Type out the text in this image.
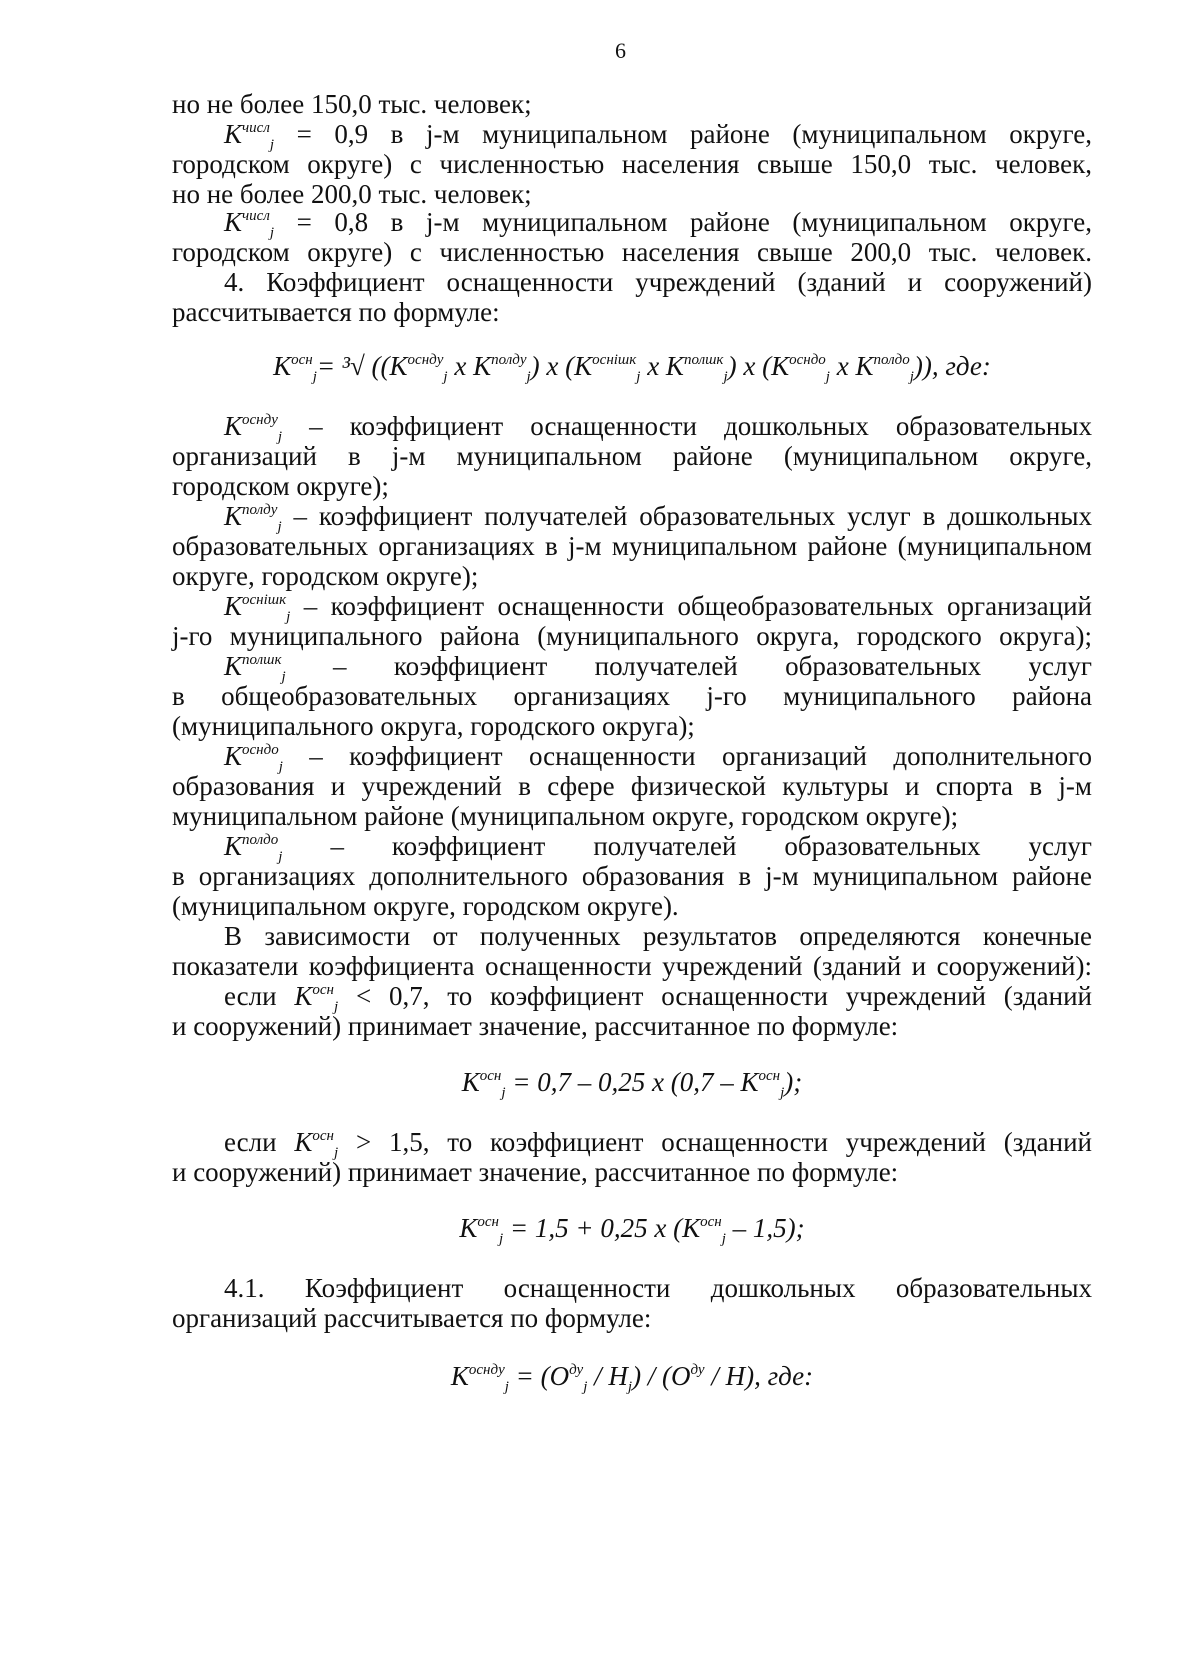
6
но не более 150,0 тыс. человек;
$K^{числ}_j = 0,9$ в j-м муниципальном районе (муниципальном округе,
городском округе) с численностью населения свыше 150,0 тыс. человек,
но не более 200,0 тыс. человек;
$K^{числ}_j = 0,8$ в j-м муниципальном районе (муниципальном округе,
городском округе) с численностью населения свыше 200,0 тыс. человек.
4. Коэффициент оснащенности учреждений (зданий и сооружений)
рассчитывается по формуле:
$K^{осн}_j= ^3√$ (($K^{осндy}_j$ x $K^{полдy}_j$) x ($K^{оснiшк}_j$ x $K^{полшк}_j$) x ($K^{осндо}_j$ x $K^{полдо}_j$)), где:
$K^{осндy}_j$ – коэффициент оснащенности дошкольных образовательных
организаций в j-м муниципальном районе (муниципальном округе,
городском округе);
$K^{полдy}_j$ – коэффициент получателей образовательных услуг в дошкольных
образовательных организациях в j-м муниципальном районе (муниципальном
округе, городском округе);
$K^{оснiшк}_j$ – коэффициент оснащенности общеобразовательных организаций
j-го муниципального района (муниципального округа, городского округа);
$K^{полшк}_j$ – коэффициент получателей образовательных услуг
в общеобразовательных организациях j-го муниципального района
(муниципального округа, городского округа);
$K^{осндо}_j$ – коэффициент оснащенности организаций дополнительного
образования и учреждений в сфере физической культуры и спорта в j-м
муниципальном районе (муниципальном округе, городском округе);
$K^{полдо}_j$ – коэффициент получателей образовательных услуг
в организациях дополнительного образования в j-м муниципальном районе
(муниципальном округе, городском округе).
В зависимости от полученных результатов определяются конечные
показатели коэффициента оснащенности учреждений (зданий и сооружений):
если $K^{осн}_j < 0,7$, то коэффициент оснащенности учреждений (зданий
и сооружений) принимает значение, рассчитанное по формуле:
$K^{осн}_j = 0,7 - 0,25$ x $(0,7 - K^{осн}_j)$;
если $K^{осн}_j > 1,5$, то коэффициент оснащенности учреждений (зданий
и сооружений) принимает значение, рассчитанное по формуле:
$K^{осн}_j = 1,5 + 0,25$ x $(K^{осн}_j - 1,5)$;
4.1. Коэффициент оснащенности дошкольных образовательных
организаций рассчитывается по формуле:
$K^{осндy}_j = (O^{ду}_j / H_j) / (O^{ду} / H)$, где:
